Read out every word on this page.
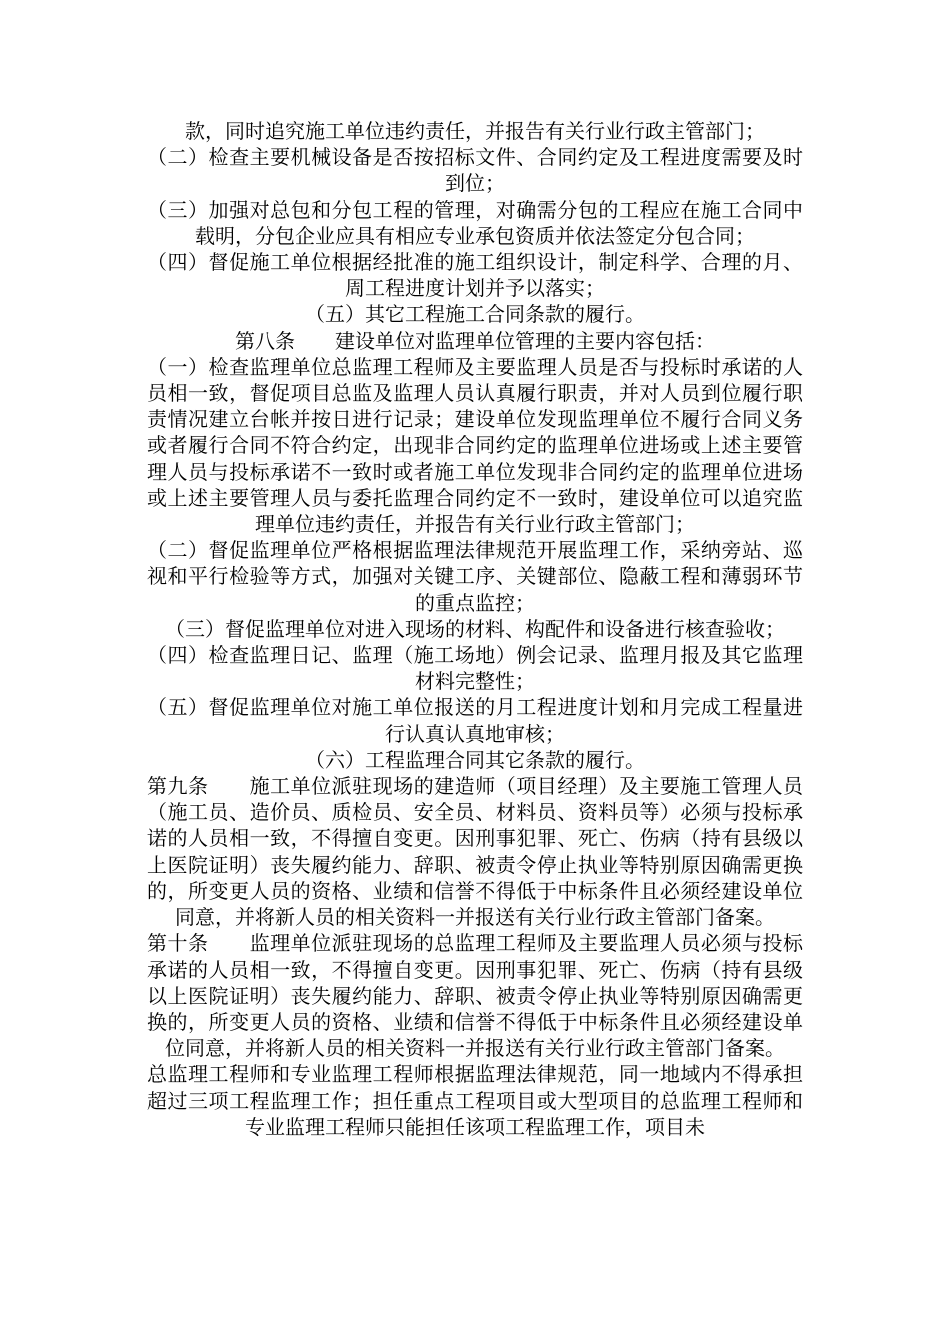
款，同时追究施工单位违约责任，并报告有关行业行政主管部门；

（二）检查主要机械设备是否按招标文件、合同约定及工程进度需要及时到位；

（三）加强对总包和分包工程的管理，对确需分包的工程应在施工合同中载明，分包企业应具有相应专业承包资质并依法签定分包合同；

（四）督促施工单位根据经批准的施工组织设计，制定科学、合理的月、周工程进度计划并予以落实；

（五）其它工程施工合同条款的履行。

第八条　　建设单位对监理单位管理的主要内容包括：

（一）检查监理单位总监理工程师及主要监理人员是否与投标时承诺的人员相一致，督促项目总监及监理人员认真履行职责，并对人员到位履行职责情况建立台帐并按日进行记录；建设单位发现监理单位不履行合同义务或者履行合同不符合约定，出现非合同约定的监理单位进场或上述主要管理人员与投标承诺不一致时或者施工单位发现非合同约定的监理单位进场或上述主要管理人员与委托监理合同约定不一致时，建设单位可以追究监理单位违约责任，并报告有关行业行政主管部门；

（二）督促监理单位严格根据监理法律规范开展监理工作，采纳旁站、巡视和平行检验等方式，加强对关键工序、关键部位、隐蔽工程和薄弱环节的重点监控；

（三）督促监理单位对进入现场的材料、构配件和设备进行核查验收；

（四）检查监理日记、监理（施工场地）例会记录、监理月报及其它监理材料完整性；

（五）督促监理单位对施工单位报送的月工程进度计划和月完成工程量进行认真认真地审核；

（六）工程监理合同其它条款的履行。

第九条　　施工单位派驻现场的建造师（项目经理）及主要施工管理人员（施工员、造价员、质检员、安全员、材料员、资料员等）必须与投标承诺的人员相一致，不得擅自变更。因刑事犯罪、死亡、伤病（持有县级以上医院证明）丧失履约能力、辞职、被责令停止执业等特别原因确需更换的，所变更人员的资格、业绩和信誉不得低于中标条件且必须经建设单位同意，并将新人员的相关资料一并报送有关行业行政主管部门备案。

第十条　　监理单位派驻现场的总监理工程师及主要监理人员必须与投标承诺的人员相一致，不得擅自变更。因刑事犯罪、死亡、伤病（持有县级以上医院证明）丧失履约能力、辞职、被责令停止执业等特别原因确需更换的，所变更人员的资格、业绩和信誉不得低于中标条件且必须经建设单位同意，并将新人员的相关资料一并报送有关行业行政主管部门备案。

总监理工程师和专业监理工程师根据监理法律规范，同一地域内不得承担超过三项工程监理工作；担任重点工程项目或大型项目的总监理工程师和专业监理工程师只能担任该项工程监理工作，项目未
